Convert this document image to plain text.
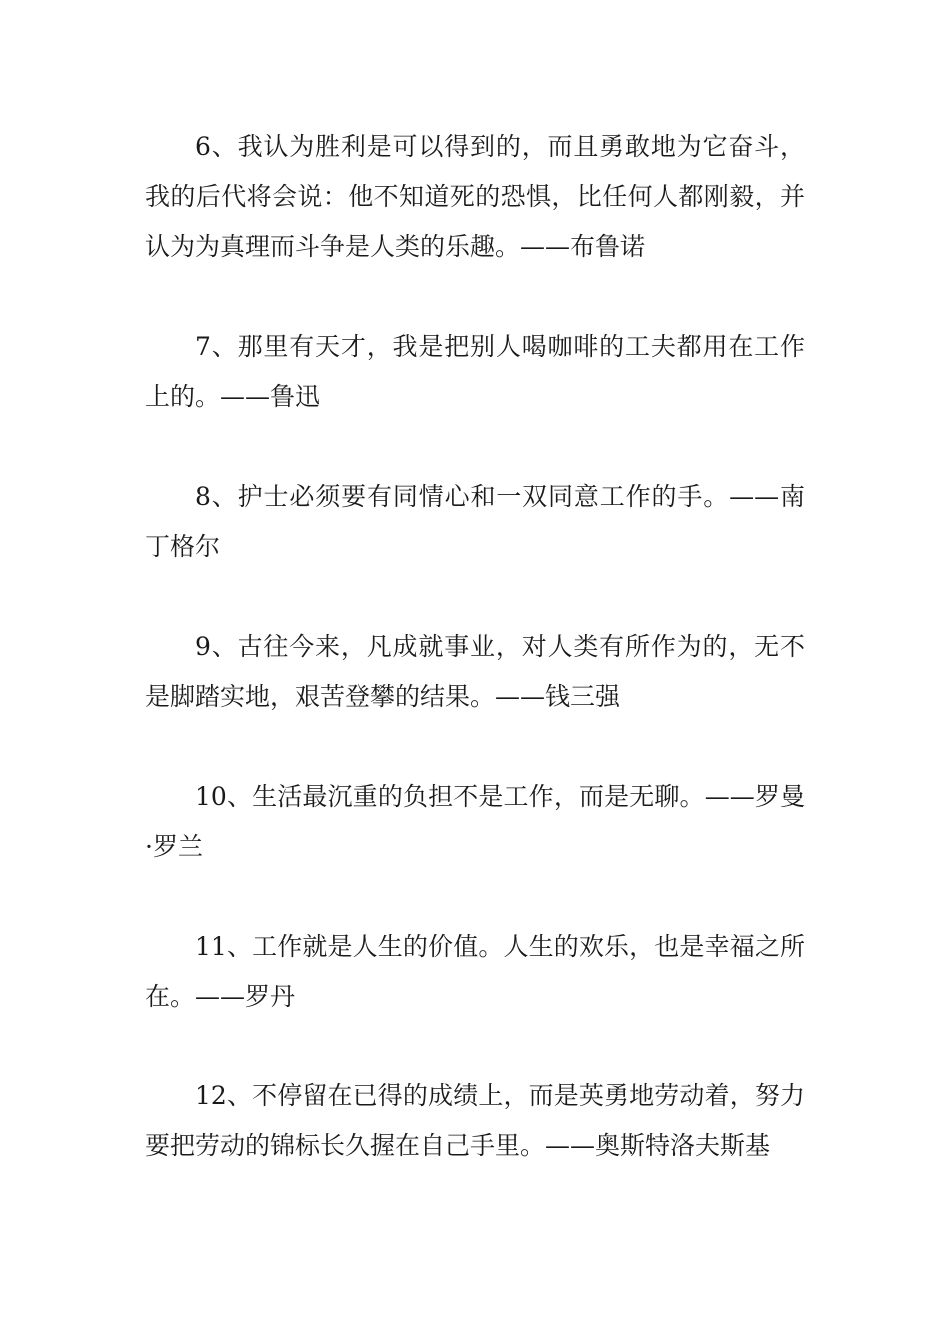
6、我认为胜利是可以得到的，而且勇敢地为它奋斗，我的后代将会说：他不知道死的恐惧，比任何人都刚毅，并认为为真理而斗争是人类的乐趣。——布鲁诺

7、那里有天才，我是把别人喝咖啡的工夫都用在工作上的。——鲁迅

8、护士必须要有同情心和一双同意工作的手。——南丁格尔

9、古往今来，凡成就事业，对人类有所作为的，无不是脚踏实地，艰苦登攀的结果。——钱三强

10、生活最沉重的负担不是工作，而是无聊。——罗曼·罗兰

11、工作就是人生的价值。人生的欢乐，也是幸福之所在。——罗丹

12、不停留在已得的成绩上，而是英勇地劳动着，努力要把劳动的锦标长久握在自己手里。——奥斯特洛夫斯基
